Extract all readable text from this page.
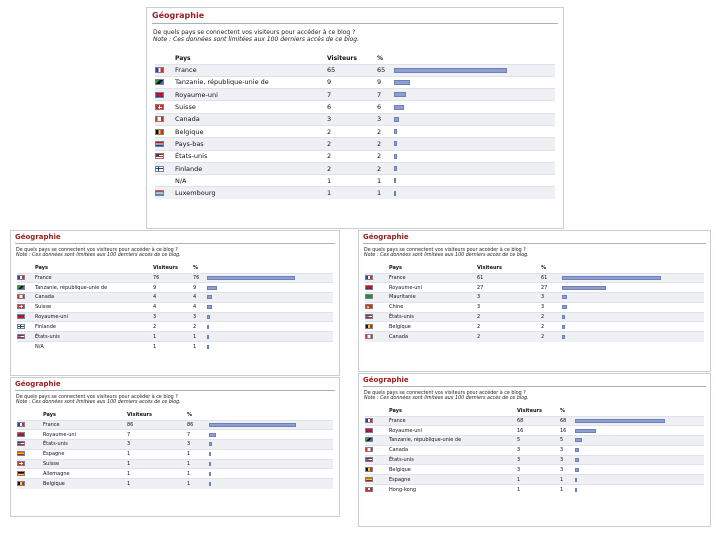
Géographie
De quels pays se connectent vos visiteurs pour accéder à ce blog ?
Note : Ces données sont limitées aux 100 derniers accès de ce blog.
	Pays	Visiteurs	%	
	France	65	65	

	Tanzanie, république-unie de	9	9	

	Royaume-uni	7	7	

	Suisse	6	6	

	Canada	3	3	

	Belgique	2	2	

	Pays-bas	2	2	

	États-unis	2	2	

	Finlande	2	2	

	N/A	1	1	

	Luxembourg	1	1	
Géographie
De quels pays se connectent vos visiteurs pour accéder à ce blog ?
Note : Ces données sont limitées aux 100 derniers accès de ce blog.
	Pays	Visiteurs	%	
	France	76	76	

	Tanzanie, république-unie de	9	9	

	Canada	4	4	

	Suisse	4	4	

	Royaume-uni	3	3	

	Finlande	2	2	

	États-unis	1	1	

	N/A	1	1	
Géographie
De quels pays se connectent vos visiteurs pour accéder à ce blog ?
Note : Ces données sont limitées aux 100 derniers accès de ce blog.
	Pays	Visiteurs	%	
	France	61	61	

	Royaume-uni	27	27	

	Mauritanie	3	3	

	Chine	3	3	

	États-unis	2	2	

	Belgique	2	2	

	Canada	2	2	
Géographie
De quels pays se connectent vos visiteurs pour accéder à ce blog ?
Note : Ces données sont limitées aux 100 derniers accès de ce blog.
	Pays	Visiteurs	%	
	France	86	86	

	Royaume-uni	7	7	

	États-unis	3	3	

	Espagne	1	1	

	Suisse	1	1	

	Allemagne	1	1	

	Belgique	1	1	
Géographie
De quels pays se connectent vos visiteurs pour accéder à ce blog ?
Note : Ces données sont limitées aux 100 derniers accès de ce blog.
	Pays	Visiteurs	%	
	France	68	68	

	Royaume-uni	16	16	

	Tanzanie, république-unie de	5	5	

	Canada	3	3	

	États-unis	3	3	

	Belgique	3	3	

	Espagne	1	1	

	Hong-kong	1	1	
